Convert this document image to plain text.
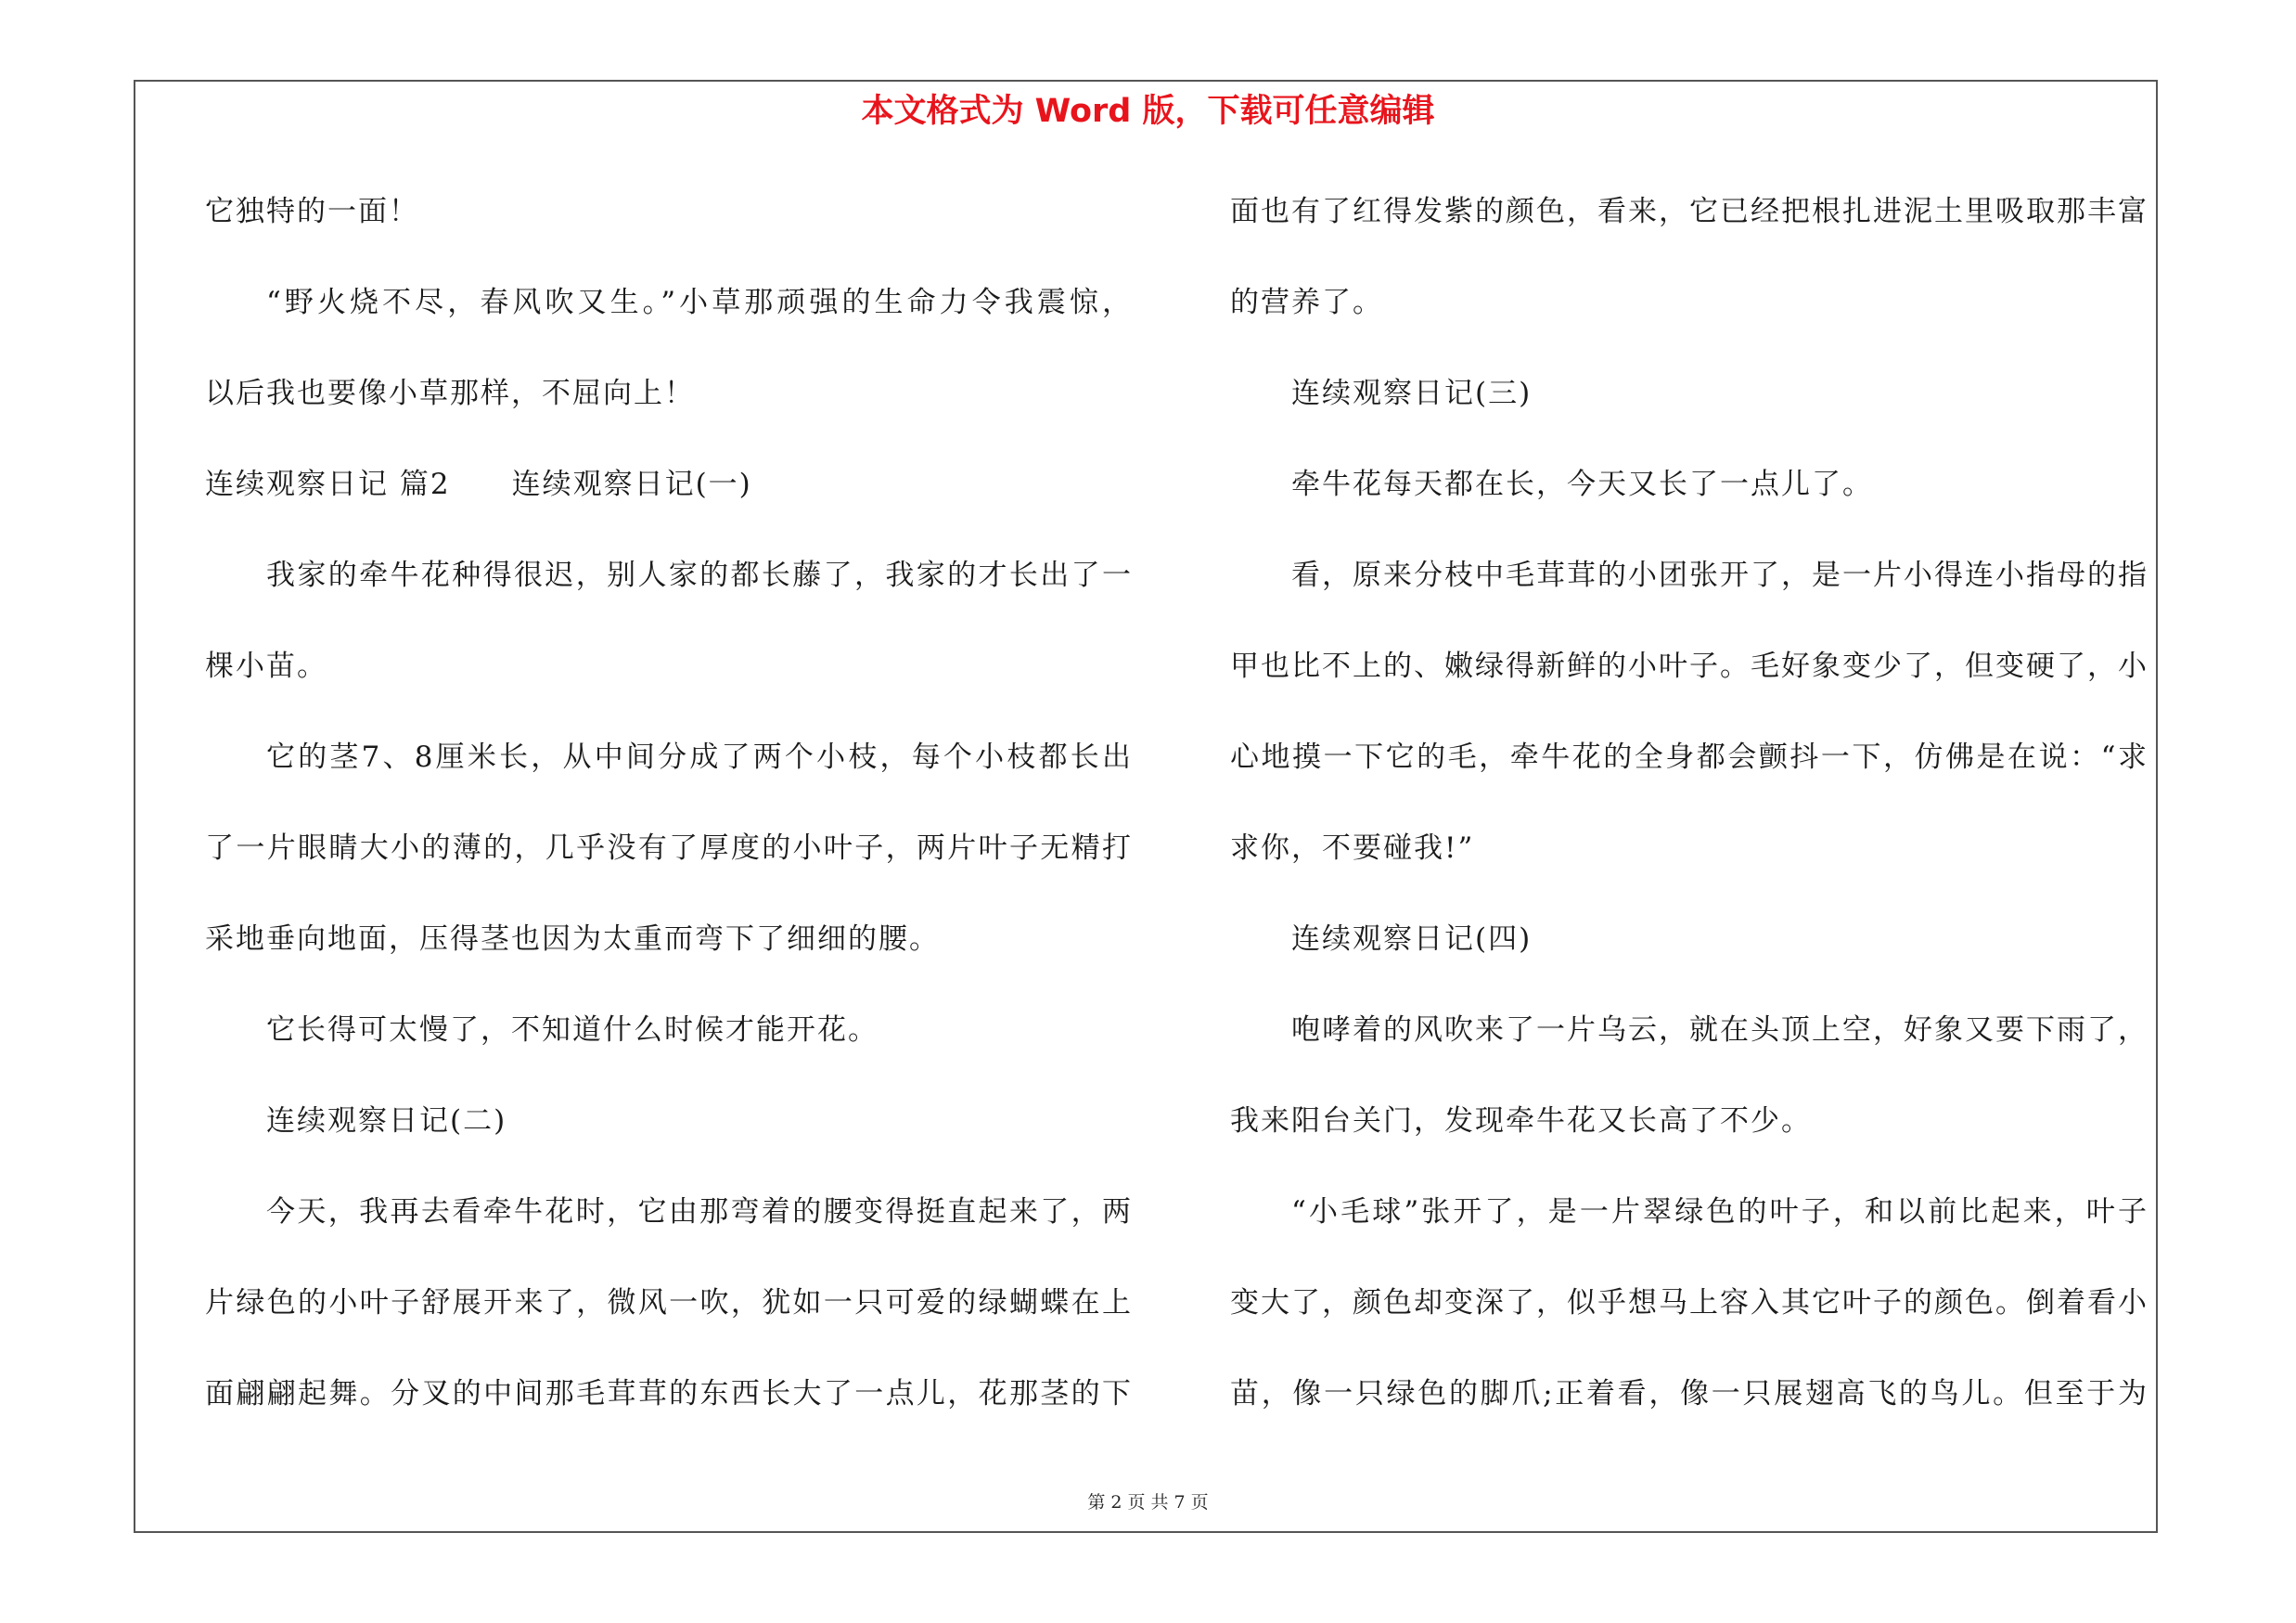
本文格式为 Word 版，下载可任意编辑
它独特的一面！
“野火烧不尽，春风吹又生。”小草那顽强的生命力令我震惊，
以后我也要像小草那样，不屈向上！
连续观察日记 篇2　　连续观察日记(一)
我家的牵牛花种得很迟，别人家的都长藤了，我家的才长出了一
棵小苗。
它的茎7、8厘米长，从中间分成了两个小枝，每个小枝都长出
了一片眼睛大小的薄的，几乎没有了厚度的小叶子，两片叶子无精打
采地垂向地面，压得茎也因为太重而弯下了细细的腰。
它长得可太慢了，不知道什么时候才能开花。
连续观察日记(二)
今天，我再去看牵牛花时，它由那弯着的腰变得挺直起来了，两
片绿色的小叶子舒展开来了，微风一吹，犹如一只可爱的绿蝴蝶在上
面翩翩起舞。分叉的中间那毛茸茸的东西长大了一点儿，花那茎的下
面也有了红得发紫的颜色，看来，它已经把根扎进泥土里吸取那丰富
的营养了。
连续观察日记(三)
牵牛花每天都在长，今天又长了一点儿了。
看，原来分枝中毛茸茸的小团张开了，是一片小得连小指母的指
甲也比不上的、嫩绿得新鲜的小叶子。毛好象变少了，但变硬了，小
心地摸一下它的毛，牵牛花的全身都会颤抖一下，仿佛是在说：“求
求你，不要碰我!”
连续观察日记(四)
咆哮着的风吹来了一片乌云，就在头顶上空，好象又要下雨了，
我来阳台关门，发现牵牛花又长高了不少。
“小毛球”张开了，是一片翠绿色的叶子，和以前比起来，叶子
变大了，颜色却变深了，似乎想马上容入其它叶子的颜色。倒着看小
苗，像一只绿色的脚爪;正着看，像一只展翅高飞的鸟儿。但至于为
第 2 页 共 7 页
